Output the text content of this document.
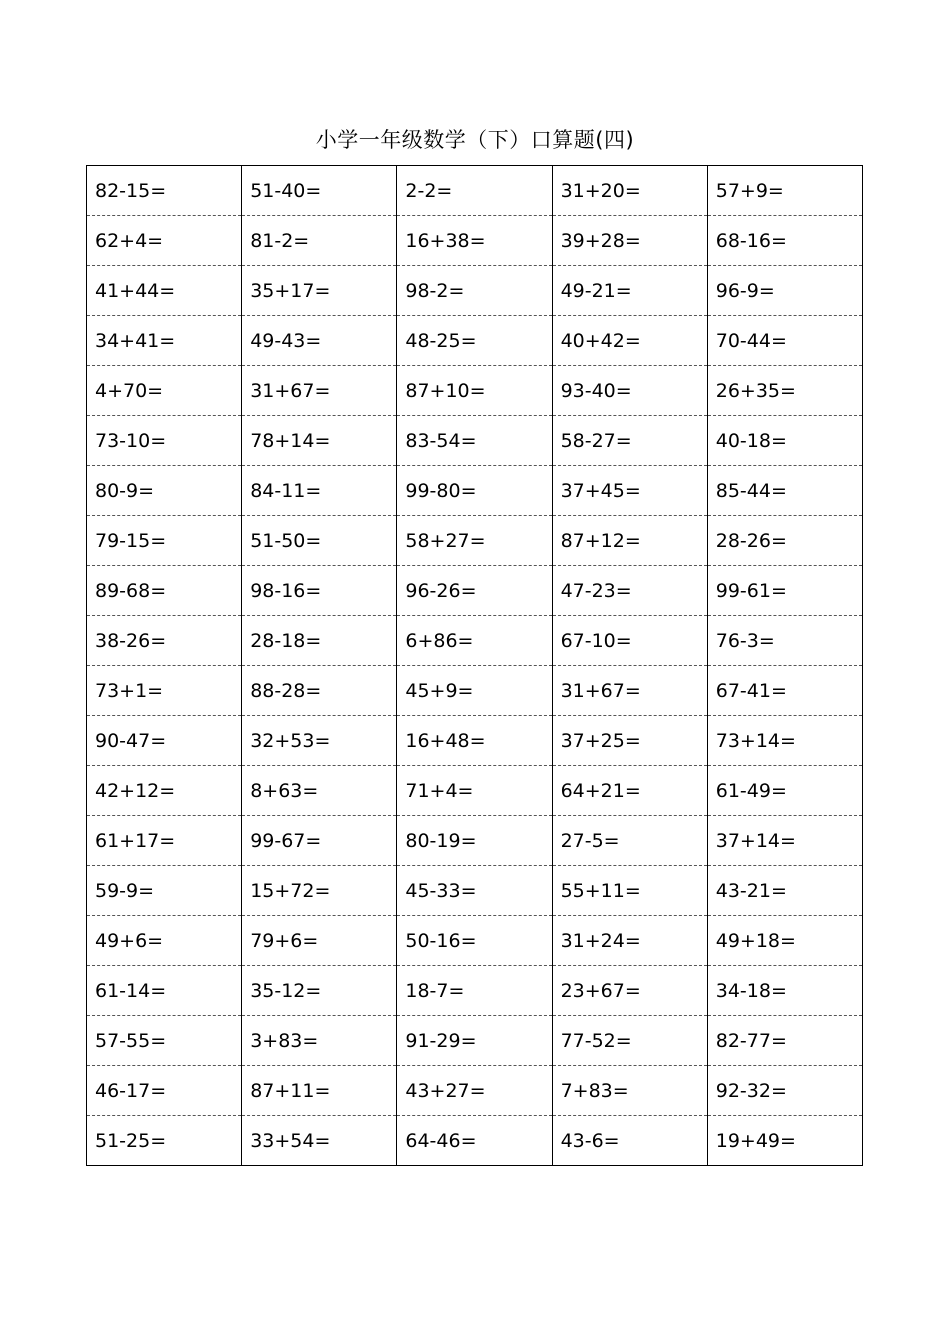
小学一年级数学（下）口算题(四)
82-15=	51-40=	2-2=	31+20=	57+9=
62+4=	81-2=	16+38=	39+28=	68-16=
41+44=	35+17=	98-2=	49-21=	96-9=
34+41=	49-43=	48-25=	40+42=	70-44=
4+70=	31+67=	87+10=	93-40=	26+35=
73-10=	78+14=	83-54=	58-27=	40-18=
80-9=	84-11=	99-80=	37+45=	85-44=
79-15=	51-50=	58+27=	87+12=	28-26=
89-68=	98-16=	96-26=	47-23=	99-61=
38-26=	28-18=	6+86=	67-10=	76-3=
73+1=	88-28=	45+9=	31+67=	67-41=
90-47=	32+53=	16+48=	37+25=	73+14=
42+12=	8+63=	71+4=	64+21=	61-49=
61+17=	99-67=	80-19=	27-5=	37+14=
59-9=	15+72=	45-33=	55+11=	43-21=
49+6=	79+6=	50-16=	31+24=	49+18=
61-14=	35-12=	18-7=	23+67=	34-18=
57-55=	3+83=	91-29=	77-52=	82-77=
46-17=	87+11=	43+27=	7+83=	92-32=
51-25=	33+54=	64-46=	43-6=	19+49=
